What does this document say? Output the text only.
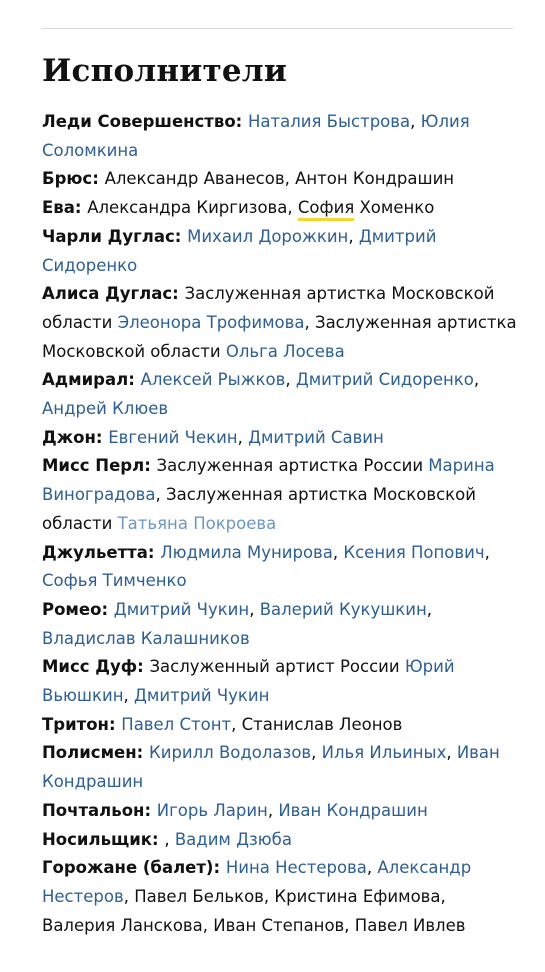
Исполнители

Леди Совершенство: Наталия Быстрова, Юлия Соломкина

Брюс: Александр Аванесов, Антон Кондрашин

Ева: Александра Киргизова, София Хоменко

Чарли Дуглас: Михаил Дорожкин, Дмитрий Сидоренко

Алиса Дуглас: Заслуженная артистка Московской области Элеонора Трофимова, Заслуженная артистка Московской области Ольга Лосева

Адмирал: Алексей Рыжков, Дмитрий Сидоренко, Андрей Клюев

Джон: Евгений Чекин, Дмитрий Савин

Мисс Перл: Заслуженная артистка России Марина Виноградова, Заслуженная артистка Московской области Татьяна Покроева

Джульетта: Людмила Мунирова, Ксения Попович, Софья Тимченко

Ромео: Дмитрий Чукин, Валерий Кукушкин, Владислав Калашников

Мисс Дуф: Заслуженный артист России Юрий Вьюшкин, Дмитрий Чукин

Тритон: Павел Стонт, Станислав Леонов

Полисмен: Кирилл Водолазов, Илья Ильиных, Иван Кондрашин

Почтальон: Игорь Ларин, Иван Кондрашин

Носильщик: , Вадим Дзюба

Горожане (балет): Нина Нестерова, Александр Нестеров, Павел Бельков, Кристина Ефимова, Валерия Ланскова, Иван Степанов, Павел Ивлев
